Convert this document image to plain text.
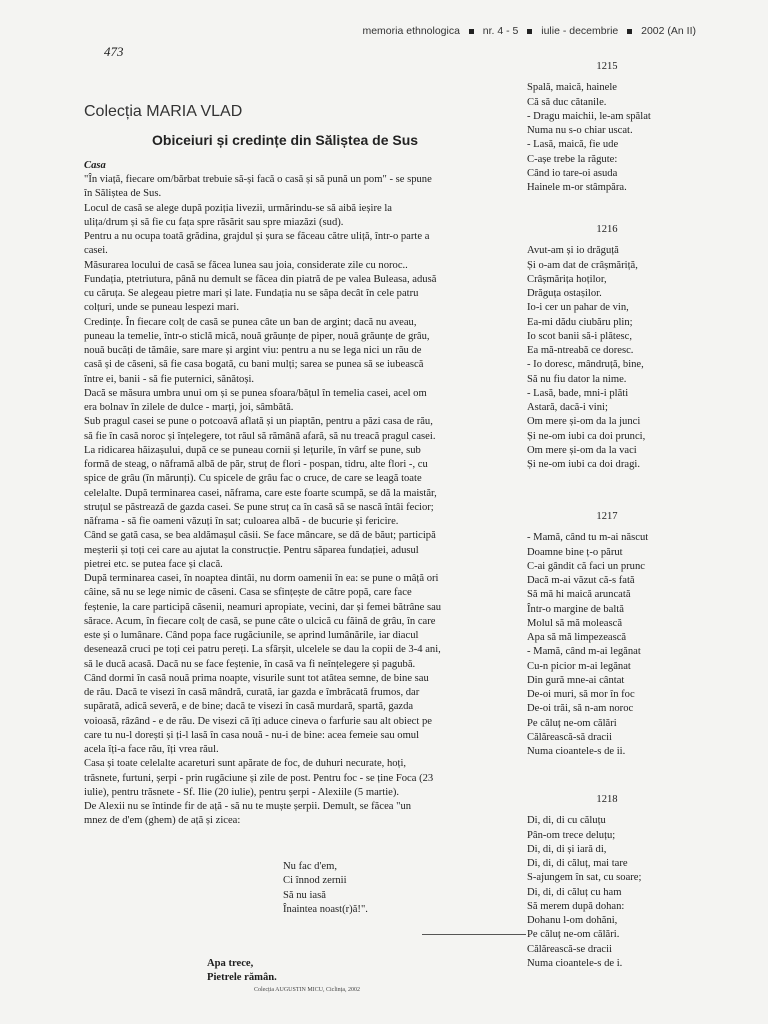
473
memoria ethnologica nr. 4 - 5 iulie - decembrie 2002 (An II)
Colecția MARIA VLAD
Obiceiuri și credințe din Săliștea de Sus
Casa
"În viață, fiecare om/bărbat trebuie să-și facă o casă și să pună un pom" - se spune
în Săliștea de Sus.
Locul de casă se alege după poziția livezii, urmărindu-se să aibă ieșire la
ulița/drum și să fie cu fața spre răsărit sau spre miazăzi (sud).
Pentru a nu ocupa toată grădina, grajdul și șura se făceau către uliță, într-o parte a
casei.
Măsurarea locului de casă se făcea lunea sau joia, considerate zile cu noroc..
Fundația, ptetriutura, până nu demult se făcea din piatră de pe valea Buleasa, adusă
cu căruța. Se alegeau pietre mari și late. Fundația nu se săpa decât în cele patru
colțuri, unde se puneau lespezi mari.
Credințe. În fiecare colț de casă se punea câte un ban de argint; dacă nu aveau,
puneau la temelie, într-o sticlă mică, nouă grăunțe de piper, nouă grăunțe de grâu,
nouă bucăți de tămâie, sare mare și argint viu: pentru a nu se lega nici un rău de
casă și de căseni, să fie casa bogată, cu bani mulți; sarea se punea să se iubească
între ei, banii - să fie puternici, sănătoși.
Dacă se măsura umbra unui om și se punea sfoara/bățul în temelia casei, acel om
era bolnav în zilele de dulce - marți, joi, sâmbătă.
Sub pragul casei se pune o potcoavă aflată și un piaptăn, pentru a păzi casa de rău,
să fie în casă noroc și înțelegere, tot răul să rămână afară, să nu treacă pragul casei.
La ridicarea hăizașului, după ce se puneau cornii și lețurile, în vârf se pune, sub
formă de steag, o năframă albă de păr, struț de flori - pospan, tidru, alte flori -, cu
spice de grâu (în mărunți). Cu spicele de grâu fac o cruce, de care se leagă toate
celelalte. După terminarea casei, năframa, care este foarte scumpă, se dă la maistăr,
struțul se păstrează de gazda casei. Se pune struț ca în casă să se nască întâi fecior;
năframa - să fie oameni văzuți în sat; culoarea albă - de bucurie și fericire.
Când se gată casa, se bea aldămașul căsii. Se face mâncare, se dă de băut; participă
meșterii și toți cei care au ajutat la construcție. Pentru săparea fundației, adusul
pietrei etc. se putea face și clacă.
După terminarea casei, în noaptea dintâi, nu dorm oamenii în ea: se pune o mâță ori
câine, să nu se lege nimic de căseni. Casa se sfințește de către popă, care face
feștenie, la care participă căsenii, neamuri apropiate, vecini, dar și femei bătrâne sau
sărace. Acum, în fiecare colț de casă, se pune câte o ulcică cu făină de grâu, în care
este și o lumânare. Când popa face rugăciunile, se aprind lumânările, iar diacul
desenează cruci pe toți cei patru pereți. La sfârșit, ulcelele se dau la copii de 3-4 ani,
să le ducă acasă. Dacă nu se face feștenie, în casă va fi neînțelegere și pagubă.
Când dormi în casă nouă prima noapte, visurile sunt tot atâtea semne, de bine sau
de rău. Dacă te visezi în casă mândră, curată, iar gazda e îmbrăcată frumos, dar
supărată, adică severă, e de bine; dacă te visezi în casă murdară, spartă, gazda
voioasă, râzând - e de rău. De visezi că îți aduce cineva o farfurie sau alt obiect pe
care tu nu-l dorești și ți-l lasă în casa nouă - nu-i de bine: acea femeie sau omul
acela îți-a face rău, îți vrea răul.
Casa și toate celelalte acareturi sunt apărate de foc, de duhuri necurate, hoți,
trăsnete, furtuni, șerpi - prin rugăciune și zile de post. Pentru foc - se ține Foca (23
iulie), pentru trăsnete - Sf. Ilie (20 iulie), pentru șerpi - Alexiile (5 martie).
De Alexii nu se întinde fir de ață - să nu te muște șerpii. Demult, se făcea "un
mnez de d'em (ghem) de ață și zicea:
Nu fac d'em,
Ci înnod zernii
Să nu iasă
Înaintea noast(r)ă!".
Apa trece,
Pietrele rămân.
Colecția AUGUSTIN MICU, Ciclința, 2002
1215
Spală, maică, hainele
Că să duc cătanile.
- Dragu maichii, le-am spălat
Numa nu s-o chiar uscat.
- Lasă, maică, fie ude
C-așe trebe la răgute:
Când io tare-oi asuda
Hainele m-or stâmpăra.
1216
Avut-am și io drăguță
Și o-am dat de crâșmăriță,
Crâșmărița hoților,
Drăguța ostașilor.
Io-i cer un pahar de vin,
Ea-mi dădu ciubăru plin;
Io scot banii să-i plătesc,
Ea mă-ntreabă ce doresc.
- Io doresc, mândruță, bine,
Să nu fiu dator la nime.
- Lasă, bade, mni-i plăti
Astară, dacă-i vini;
Om mere și-om da la junci
Și ne-om iubi ca doi prunci,
Om mere și-om da la vaci
Și ne-om iubi ca doi dragi.
1217
- Mamă, când tu m-ai născut
Doamne bine ț-o părut
C-ai gândit că faci un prunc
Dacă m-ai văzut că-s fată
Să mă hi maică aruncată
Într-o margine de baltă
Molul să mă molească
Apa să mă limpezească
- Mamă, când m-ai legănat
Cu-n picior m-ai legănat
Din gură mne-ai cântat
De-oi muri, să mor în foc
De-oi trăi, să n-am noroc
Pe căluț ne-om călări
Călărească-să dracii
Numa cioantele-s de ii.
1218
Di, di, di cu căluțu
Pân-om trece deluțu;
Di, di, di și iară di,
Di, di, di căluț, mai tare
S-ajungem în sat, cu soare;
Di, di, di căluț cu ham
Să merem după dohan:
Dohanu l-om dohăni,
Pe căluț ne-om călări.
Călărească-se dracii
Numa cioantele-s de i.
